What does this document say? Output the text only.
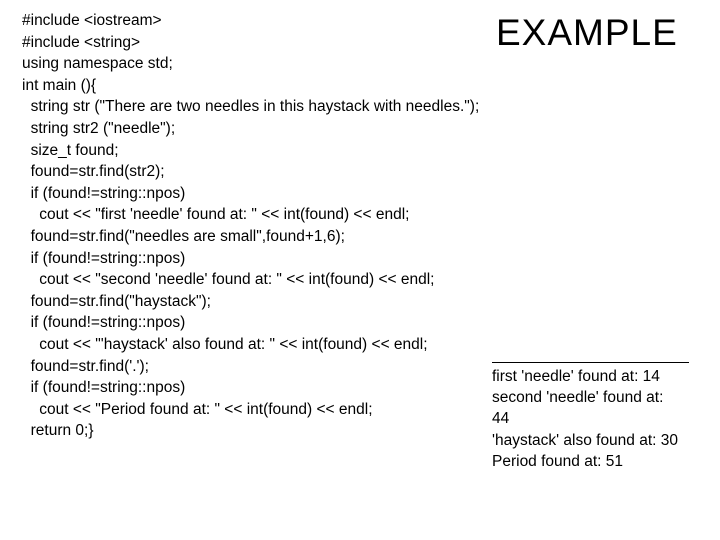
EXAMPLE
#include <iostream>
#include <string>
using namespace std;
int main (){
string str ("There are two needles in this haystack with needles.");
string str2 ("needle");
size_t found;
found=str.find(str2);
if (found!=string::npos)
cout << "first 'needle' found at: " << int(found) << endl;
found=str.find("needles are small",found+1,6);
if (found!=string::npos)
cout << "second 'needle' found at: " << int(found) << endl;
found=str.find("haystack");
if (found!=string::npos)
cout << "'haystack' also found at: " << int(found) << endl;
found=str.find('.');
if (found!=string::npos)
cout << "Period found at: " << int(found) << endl;
return 0;}
first 'needle' found at: 14
second 'needle' found at:
44
'haystack' also found at: 30
Period found at: 51
